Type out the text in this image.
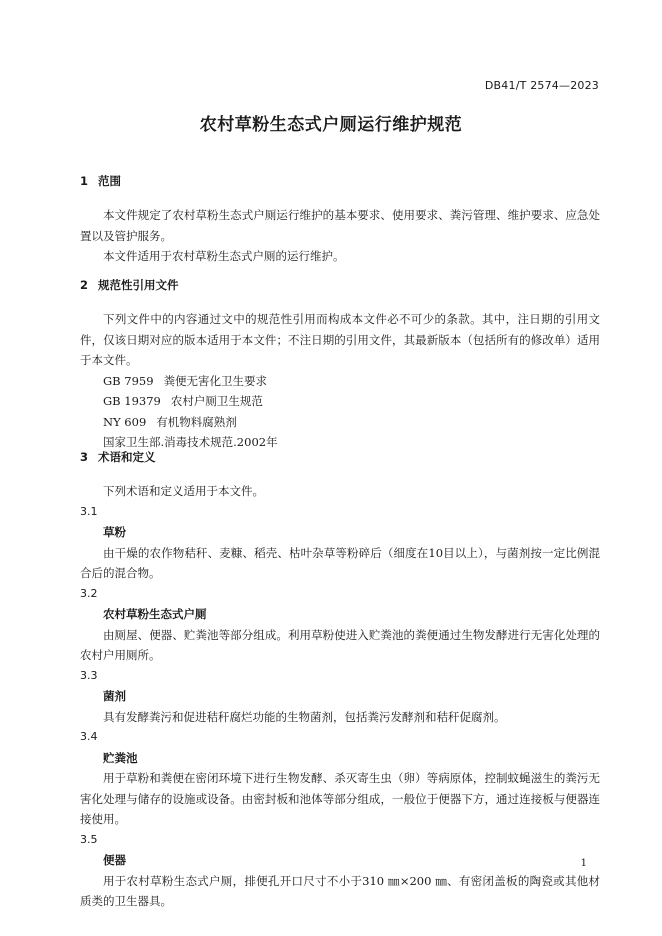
DB41/T 2574—2023
农村草粉生态式户厕运行维护规范
1 范围

本文件规定了农村草粉生态式户厕运行维护的基本要求、使用要求、粪污管理、维护要求、应急处置以及管护服务。

本文件适用于农村草粉生态式户厕的运行维护。

2 规范性引用文件

下列文件中的内容通过文中的规范性引用而构成本文件必不可少的条款。其中，注日期的引用文件，仅该日期对应的版本适用于本文件；不注日期的引用文件，其最新版本（包括所有的修改单）适用于本文件。

GB 7959 粪便无害化卫生要求

GB 19379 农村户厕卫生规范

NY 609 有机物料腐熟剂

国家卫生部.消毒技术规范.2002年

3 术语和定义

下列术语和定义适用于本文件。

3.1

草粉

由干燥的农作物秸秆、麦糠、稻壳、枯叶杂草等粉碎后（细度在10目以上），与菌剂按一定比例混合后的混合物。

3.2

农村草粉生态式户厕

由厕屋、便器、贮粪池等部分组成。利用草粉使进入贮粪池的粪便通过生物发酵进行无害化处理的农村户用厕所。

3.3

菌剂

具有发酵粪污和促进秸秆腐烂功能的生物菌剂，包括粪污发酵剂和秸秆促腐剂。

3.4

贮粪池

用于草粉和粪便在密闭环境下进行生物发酵、杀灭寄生虫（卵）等病原体，控制蚊蝇滋生的粪污无害化处理与储存的设施或设备。由密封板和池体等部分组成，一般位于便器下方，通过连接板与便器连接使用。

3.5

便器

用于农村草粉生态式户厕，排便孔开口尺寸不小于310 ㎜×200 ㎜、有密闭盖板的陶瓷或其他材质类的卫生器具。

1
